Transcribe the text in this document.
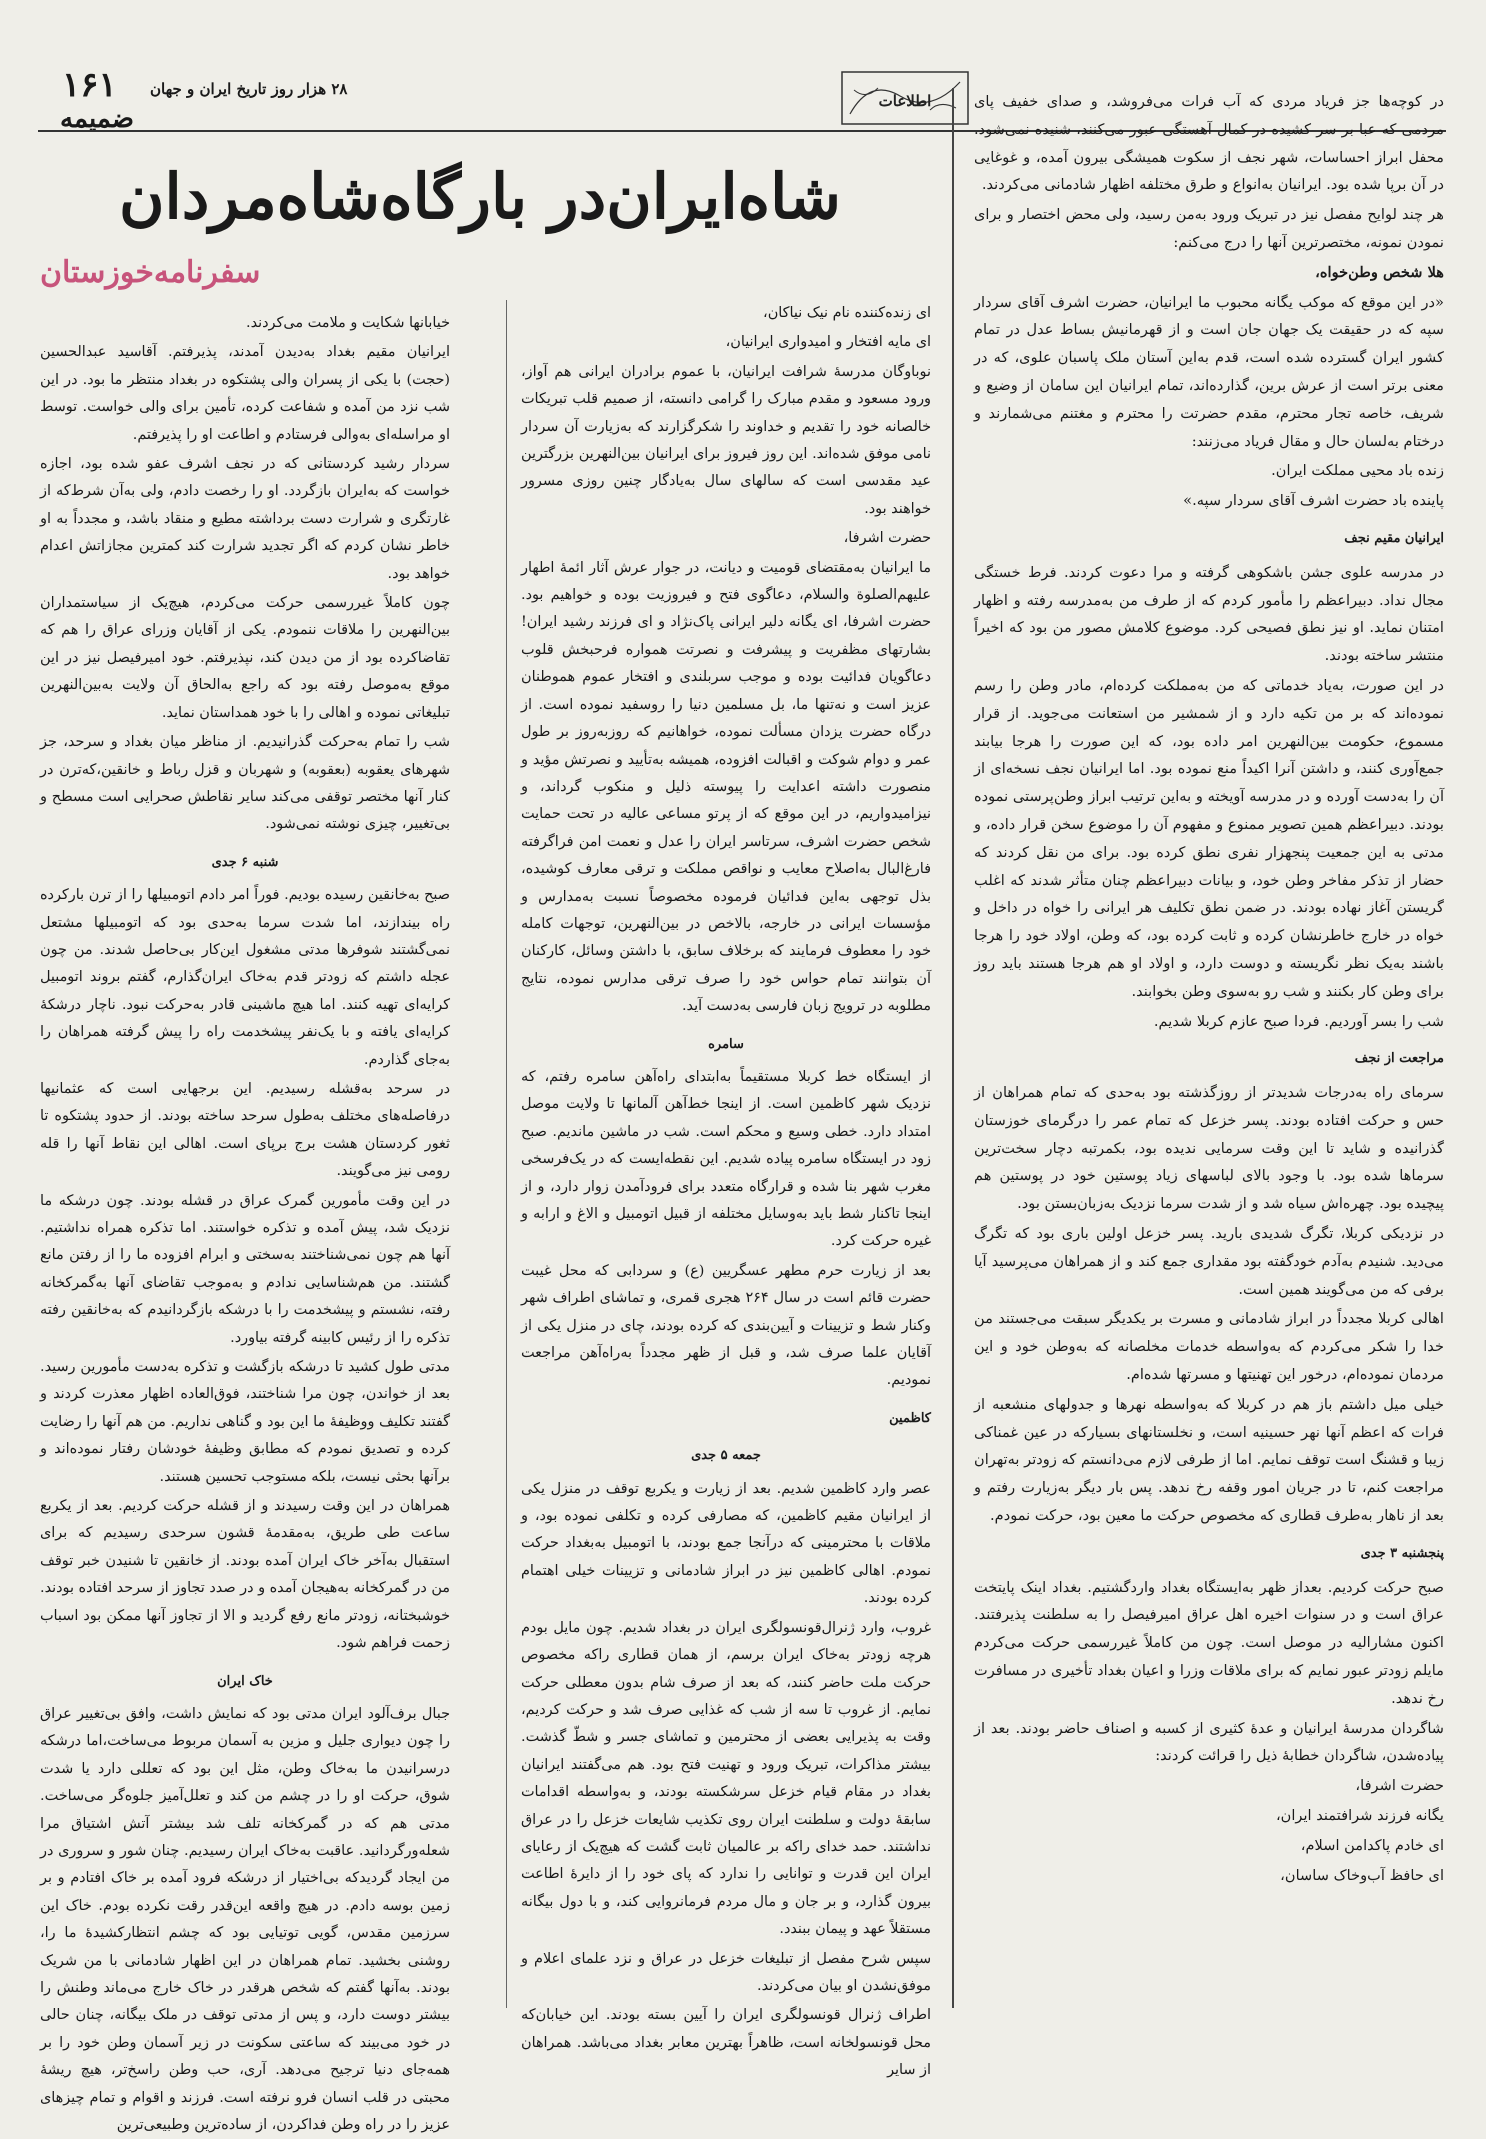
۱۶۱
ضمیمه
۲۸ هزار روز تاریخ ایران و جهان
اطلاعات
شاه‌ایران‌در بارگاه‌شاه‌مردان
سفرنامه‌خوزستان

در کوچه‌ها جز فریاد مردی که آب فرات می‌فروشد، و صدای خفیف پای مردمی که عبا بر سر کشیده در کمال آهستگی عبور می‌کنند، شنیده نمی‌شود. محفل ابراز احساسات، شهر نجف از سکوت همیشگی بیرون آمده، و غوغایی در آن برپا شده بود. ایرانیان به‌انواع و طرق مختلفه اظهار شادمانی می‌کردند.

هر چند لوایح مفصل نیز در تبریک ورود به‌من رسید، ولی محض اختصار و برای نمودن نمونه، مختصرترین آنها را درج می‌کنم:

هلا شخص وطن‌خواه،

«در این موقع که موکب یگانه محبوب ما ایرانیان، حضرت اشرف آقای سردار سپه که در حقیقت یک جهان جان است و از قهرمانیش بساط عدل در تمام کشور ایران گسترده شده است، قدم به‌این آستان ملک پاسبان علوی، که در معنی برتر است از عرش برین، گذارده‌اند، تمام ایرانیان این سامان از وضیع و شریف، خاصه تجار محترم، مقدم حضرتت را محترم و مغتنم می‌شمارند و درختام به‌لسان حال و مقال فریاد می‌زنند:

زنده باد محیی مملکت ایران.

پاینده باد حضرت اشرف آقای سردار سپه.»

ایرانیان مقیم نجف

در مدرسه علوی جشن باشکوهی گرفته و مرا دعوت کردند. فرط خستگی مجال نداد. دبیراعظم را مأمور کردم که از طرف من به‌مدرسه رفته و اظهار امتنان نماید. او نیز نطق فصیحی کرد. موضوع کلامش مصور من بود که اخیراً منتشر ساخته بودند.

در این صورت، به‌یاد خدماتی که من به‌مملکت کرده‌ام، مادر وطن را رسم نموده‌اند که بر من تکیه دارد و از شمشیر من استعانت می‌جوید. از قرار مسموع، حکومت بین‌النهرین امر داده بود، که این صورت را هرجا بیابند جمع‌آوری کنند، و داشتن آنرا اکیداً منع نموده بود. اما ایرانیان نجف نسخه‌ای از آن را به‌دست آورده و در مدرسه آویخته و به‌این ترتیب ابراز وطن‌پرستی نموده بودند. دبیراعظم همین تصویر ممنوع و مفهوم آن را موضوع سخن قرار داده، و مدتی به این جمعیت پنجهزار نفری نطق کرده بود. برای من نقل کردند که حضار از تذکر مفاخر وطن خود، و بیانات دبیراعظم چنان متأثر شدند که اغلب گریستن آغاز نهاده بودند. در ضمن نطق تکلیف هر ایرانی را خواه در داخل و خواه در خارج خاطرنشان کرده و ثابت کرده بود، که وطن، اولاد خود را هرجا باشند به‌یک نظر نگریسته و دوست دارد، و اولاد او هم هرجا هستند باید روز برای وطن کار بکنند و شب رو به‌سوی وطن بخوابند.

شب را بسر آوردیم. فردا صبح عازم کربلا شدیم.

مراجعت از نجف

سرمای راه به‌درجات شدیدتر از روزگذشته بود به‌حدی که تمام همراهان از حس و حرکت افتاده بودند. پسر خزعل که تمام عمر را درگرمای خوزستان گذرانیده و شاید تا این وقت سرمایی ندیده بود، بکمرتبه دچار سخت‌ترین سرماها شده بود. با وجود بالای لباسهای زیاد پوستین خود در پوستین هم پیچیده بود. چهره‌اش سیاه شد و از شدت سرما نزدیک به‌زبان‌بستن بود.

در نزدیکی کربلا، تگرگ شدیدی بارید. پسر خزعل اولین باری بود که تگرگ می‌دید. شنیدم به‌آدم خودگفته بود مقداری جمع کند و از همراهان می‌پرسید آیا برفی که من می‌گویند همین است.

اهالی کربلا مجدداً در ابراز شادمانی و مسرت بر یکدیگر سبقت می‌جستند من خدا را شکر می‌کردم که به‌واسطه خدمات مخلصانه که به‌وطن خود و این مردمان نموده‌ام، درخور این تهنیتها و مسرتها شده‌ام.

خیلی میل داشتم باز هم در کربلا که به‌واسطه نهرها و جدولهای منشعبه از فرات که اعظم آنها نهر حسینیه است، و نخلستانهای بسیارکه در عین غمناکی زیبا و قشنگ است توقف نمایم. اما از طرفی لازم می‌دانستم که زودتر به‌تهران مراجعت کنم، تا در جریان امور وقفه رخ ندهد. پس بار دیگر به‌زیارت رفتم و بعد از ناهار به‌طرف قطاری که مخصوص حرکت ما معین بود، حرکت نمودم.

پنجشنبه ۳ جدی

صبح حرکت کردیم. بعداز ظهر به‌ایستگاه بغداد واردگشتیم. بغداد اینک پایتخت عراق است و در سنوات اخیره اهل عراق امیرفیصل را به سلطنت پذیرفتند. اکنون مشارالیه در موصل است. چون من کاملاً غیررسمی حرکت می‌کردم مایلم زودتر عبور نمایم که برای ملاقات وزرا و اعیان بغداد تأخیری در مسافرت رخ ندهد.

شاگردان مدرسهٔ ایرانیان و عدهٔ کثیری از کسبه و اصناف حاضر بودند. بعد از پیاده‌شدن، شاگردان خطابهٔ ذیل را قرائت کردند:

حضرت اشرفا،

یگانه فرزند شرافتمند ایران،

ای خادم پاکدامن اسلام،

ای حافظ آب‌وخاک ساسان،

ای زنده‌کننده نام نیک نیاکان،

ای مایه افتخار و امیدواری ایرانیان،

نوباوگان مدرسهٔ شرافت ایرانیان، با عموم برادران ایرانی هم آواز، ورود مسعود و مقدم مبارک را گرامی دانسته، از صمیم قلب تبریکات خالصانه خود را تقدیم و خداوند را شکرگزارند که به‌زیارت آن سردار نامی موفق شده‌اند. این روز فیروز برای ایرانیان بین‌النهرین بزرگترین عید مقدسی است که سالهای سال به‌یادگار چنین روزی مسرور خواهند بود.

حضرت اشرفا،

ما ایرانیان به‌مقتضای قومیت و دیانت، در جوار عرش آثار ائمهٔ اطهار علیهم‌الصلوة والسلام، دعاگوی فتح و فیروزیت بوده و خواهیم بود. حضرت اشرفا، ای یگانه دلیر ایرانی پاک‌نژاد و ای فرزند رشید ایران! بشارتهای مظفریت و پیشرفت و نصرتت همواره فرحبخش قلوب دعاگویان فدائیت بوده و موجب سربلندی و افتخار عموم هموطنان عزیز است و نه‌تنها ما، بل مسلمین دنیا را روسفید نموده است. از درگاه حضرت یزدان مسألت نموده، خواهانیم که روزبه‌روز بر طول عمر و دوام شوکت و اقبالت افزوده، همیشه به‌تأیید و نصرتش مؤید و منصورت داشته اعدایت را پیوسته ذلیل و منکوب گرداند، و نیزامیدواریم، در این موقع که از پرتو مساعی عالیه در تحت حمایت شخص حضرت اشرف، سرتاسر ایران را عدل و نعمت امن فراگرفته فارغ‌البال به‌اصلاح معایب و نواقص مملکت و ترقی معارف کوشیده، بذل توجهی به‌این فدائیان فرموده مخصوصاً نسبت به‌مدارس و مؤسسات ایرانی در خارجه، بالاخص در بین‌النهرین، توجهات کامله خود را معطوف فرمایند که برخلاف سابق، با داشتن وسائل، کارکنان آن بتوانند تمام حواس خود را صرف ترقی مدارس نموده، نتایج مطلوبه در ترویج زبان فارسی به‌دست آید.

سامره

از ایستگاه خط کربلا مستقیماً به‌ابتدای راه‌آهن سامره رفتم، که نزدیک شهر کاظمین است. از اینجا خط‌آهن آلمانها تا ولایت موصل امتداد دارد. خطی وسیع و محکم است. شب در ماشین ماندیم. صبح زود در ایستگاه سامره پیاده شدیم. این نقطه‌ایست که در یک‌فرسخی مغرب شهر بنا شده و قرارگاه متعدد برای فرودآمدن زوار دارد، و از اینجا تاکنار شط باید به‌وسایل مختلفه از قبیل اتومبیل و الاغ و ارابه و غیره حرکت کرد.

بعد از زیارت حرم مطهر عسگریین (ع) و سردابی که محل غیبت حضرت قائم است در سال ۲۶۴ هجری قمری، و تماشای اطراف شهر وکنار شط و تزیینات و آیین‌بندی که کرده بودند، چای در منزل یکی از آقایان علما صرف شد، و قبل از ظهر مجدداً به‌راه‌آهن مراجعت نمودیم.

کاظمین
جمعه ۵ جدی

عصر وارد کاظمین شدیم. بعد از زیارت و یکربع توقف در منزل یکی از ایرانیان مقیم کاظمین، که مصارفی کرده و تکلفی نموده بود، و ملاقات با محترمینی که درآنجا جمع بودند، با اتومبیل به‌بغداد حرکت نمودم. اهالی کاظمین نیز در ابراز شادمانی و تزیینات خیلی اهتمام کرده بودند.

غروب، وارد ژنرال‌قونسولگری ایران در بغداد شدیم. چون مایل بودم هرچه زودتر به‌خاک ایران برسم، از همان قطاری راکه مخصوص حرکت ملت حاضر کنند، که بعد از صرف شام بدون معطلی حرکت نمایم. از غروب تا سه از شب که غذایی صرف شد و حرکت کردیم، وقت به پذیرایی بعضی از محترمین و تماشای جسر و شطّ گذشت. بیشتر مذاکرات، تبریک ورود و تهنیت فتح بود. هم می‌گفتند ایرانیان بغداد در مقام قیام خزعل سرشکسته بودند، و به‌واسطه اقدامات سابقهٔ دولت و سلطنت ایران روی تکذیب شایعات خزعل را در عراق نداشتند. حمد خدای راکه بر عالمیان ثابت گشت که هیچ‌یک از رعایای ایران این قدرت و توانایی را ندارد که پای خود را از دایرهٔ اطاعت بیرون گذارد، و بر جان و مال مردم فرمانروایی کند، و با دول بیگانه مستقلاً عهد و پیمان ببندد.

سپس شرح مفصل از تبلیغات خزعل در عراق و نزد علمای اعلام و موفق‌نشدن او بیان می‌کردند.

اطراف ژنرال قونسولگری ایران را آیین بسته بودند. این خیابان‌که محل قونسولخانه است، ظاهراً بهترین معابر بغداد می‌باشد. همراهان از سایر

خیابانها شکایت و ملامت می‌کردند.

ایرانیان مقیم بغداد به‌دیدن آمدند، پذیرفتم. آقاسید عبدالحسین (حجت) با یکی از پسران والی پشتکوه در بغداد منتظر ما بود. در این شب نزد من آمده و شفاعت کرده، تأمین برای والی خواست. توسط او مراسله‌ای به‌والی فرستادم و اطاعت او را پذیرفتم.

سردار رشید کردستانی که در نجف اشرف عفو شده بود، اجازه خواست که به‌ایران بازگردد. او را رخصت دادم، ولی به‌آن شرط‌که از غارتگری و شرارت دست برداشته مطیع و منقاد باشد، و مجدداً به او خاطر نشان کردم که اگر تجدید شرارت کند کمترین مجازاتش اعدام خواهد بود.

چون کاملاً غیررسمی حرکت می‌کردم، هیچ‌یک از سیاستمداران بین‌النهرین را ملاقات ننمودم. یکی از آقایان وزرای عراق را هم که تقاضاکرده بود از من دیدن کند، نپذیرفتم. خود امیرفیصل نیز در این موقع به‌موصل رفته بود که راجع به‌الحاق آن ولایت به‌بین‌النهرین تبلیغاتی نموده و اهالی را با خود همداستان نماید.

شب را تمام به‌حرکت گذرانیدیم. از مناظر میان بغداد و سرحد، جز شهرهای یعقوبه (بعقوبه) و شهربان و قزل رباط و خانقین،که‌ترن در کنار آنها مختصر توقفی می‌کند سایر نقاطش صحرایی است مسطح و بی‌تغییر، چیزی نوشته نمی‌شود.

شنبه ۶ جدی

صبح به‌خانقین رسیده بودیم. فوراً امر دادم اتومبیلها را از ترن بارکرده راه بیندازند، اما شدت سرما به‌حدی بود که اتومبیلها مشتعل نمی‌گشتند شوفرها مدتی مشغول این‌کار بی‌حاصل شدند. من چون عجله داشتم که زودتر قدم به‌خاک ایران‌گذارم، گفتم بروند اتومبیل کرایه‌ای تهیه کنند. اما هیچ ماشینی قادر به‌حرکت نبود. ناچار درشکهٔ کرایه‌ای یافته و با یک‌نفر پیشخدمت راه را پیش گرفته همراهان را به‌جای گذاردم.

در سرحد به‌قشله رسیدیم. این برجهایی است که عثمانیها درفاصله‌های مختلف به‌طول سرحد ساخته بودند. از حدود پشتکوه تا ثغور کردستان هشت برج برپای است. اهالی این نقاط آنها را قله رومی نیز می‌گویند.

در این وقت مأمورین گمرک عراق در قشله بودند. چون درشکه ما نزدیک شد، پیش آمده و تذکره خواستند. اما تذکره همراه نداشتیم. آنها هم چون نمی‌شناختند به‌سختی و ابرام افزوده ما را از رفتن مانع گشتند. من هم‌شناسایی ندادم و به‌موجب تقاضای آنها به‌گمرکخانه رفته، نشستم و پیشخدمت را با درشکه بازگردانیدم که به‌خانقین رفته تذکره را از رئیس کابینه گرفته بیاورد.

مدتی طول کشید تا درشکه بازگشت و تذکره به‌دست مأمورین رسید. بعد از خواندن، چون مرا شناختند، فوق‌العاده اظهار معذرت کردند و گفتند تکلیف ووظیفهٔ ما این بود و گناهی نداریم. من هم آنها را رضایت کرده و تصدیق نمودم که مطابق وظیفهٔ خودشان رفتار نموده‌اند و برآنها بحثی نیست، بلکه مستوجب تحسین هستند.

همراهان در این وقت رسیدند و از قشله حرکت کردیم. بعد از یکربع ساعت طی طریق، به‌مقدمهٔ قشون سرحدی رسیدیم که برای استقبال به‌آخر خاک ایران آمده بودند. از خانقین تا شنیدن خبر توقف من در گمرکخانه به‌هیجان آمده و در صدد تجاوز از سرحد افتاده بودند. خوشبختانه، زودتر مانع رفع گردید و الا از تجاوز آنها ممکن بود اسباب زحمت فراهم شود.

خاک ایران

جبال برف‌آلود ایران مدتی بود که نمایش داشت، وافق بی‌تغییر عراق را چون دیواری جلیل و مزین به آسمان مربوط می‌ساخت،اما درشکه درسرانیدن ما به‌خاک وطن، مثل این بود که تعللی دارد یا شدت شوق، حرکت او را در چشم من کند و تعلل‌آمیز جلوه‌گر می‌ساخت. مدتی هم که در گمرکخانه تلف شد بیشتر آتش اشتیاق مرا شعله‌ورگردانید. عاقبت به‌خاک ایران رسیدیم. چنان شور و سروری در من ایجاد گردیدکه بی‌اختیار از درشکه فرود آمده بر خاک افتادم و بر زمین بوسه دادم. در هیچ واقعه این‌قدر رقت نکرده بودم. خاک این سرزمین مقدس، گویی توتیایی بود که چشم انتظارکشیدهٔ ما را، روشنی بخشید. تمام همراهان در این اظهار شادمانی با من شریک بودند. به‌آنها گفتم که شخص هرقدر در خاک خارج می‌ماند وطنش را بیشتر دوست دارد، و پس از مدتی توقف در ملک بیگانه، چنان حالی در خود می‌بیند که ساعتی سکونت در زیر آسمان وطن خود را بر همه‌جای دنیا ترجیح می‌دهد. آری، حب وطن راسخ‌تر، هیچ ریشهٔ محبتی در قلب انسان فرو نرفته است. فرزند و اقوام و تمام چیزهای عزیز را در راه وطن فداکردن، از ساده‌ترین وطبیعی‌ترین
